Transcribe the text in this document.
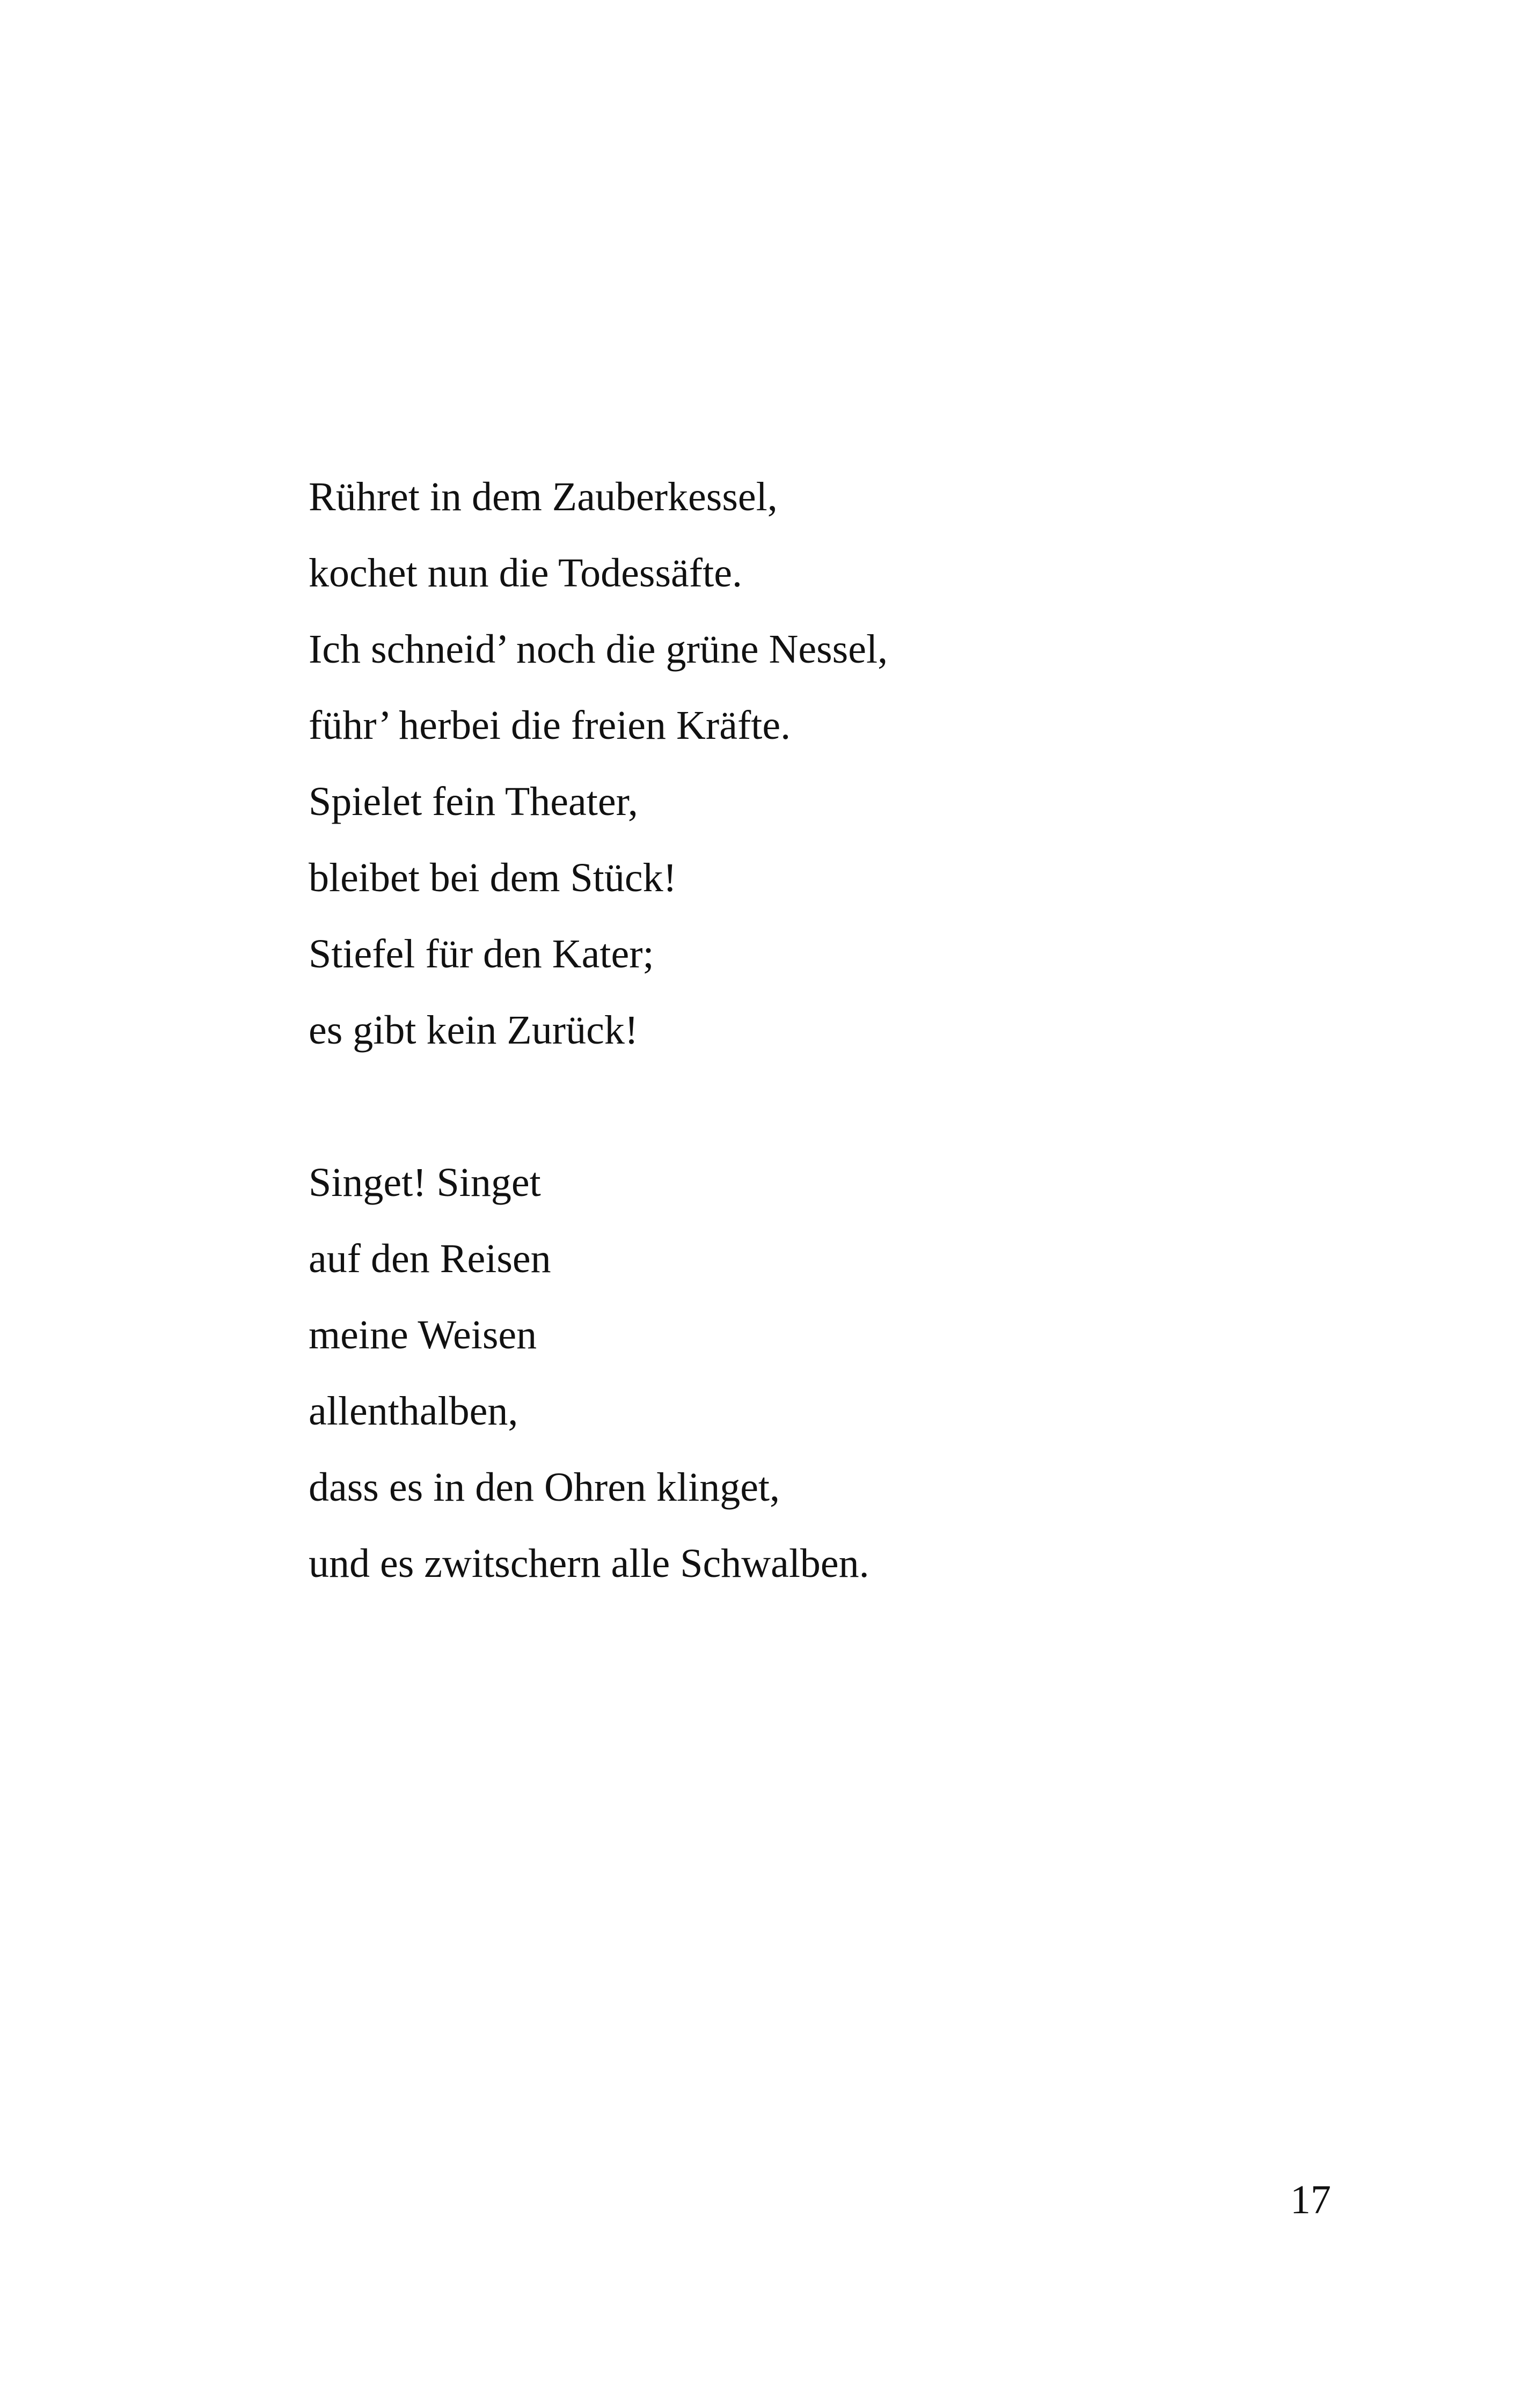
Rühret in dem Zauberkessel,
kochet nun die Todessäfte.
Ich schneid’ noch die grüne Nessel,
führ’ herbei die freien Kräfte.
Spielet fein Theater,
bleibet bei dem Stück!
Stiefel für den Kater;
es gibt kein Zurück!
Singet! Singet
auf den Reisen
meine Weisen
allenthalben,
dass es in den Ohren klinget,
und es zwitschern alle Schwalben.
17
